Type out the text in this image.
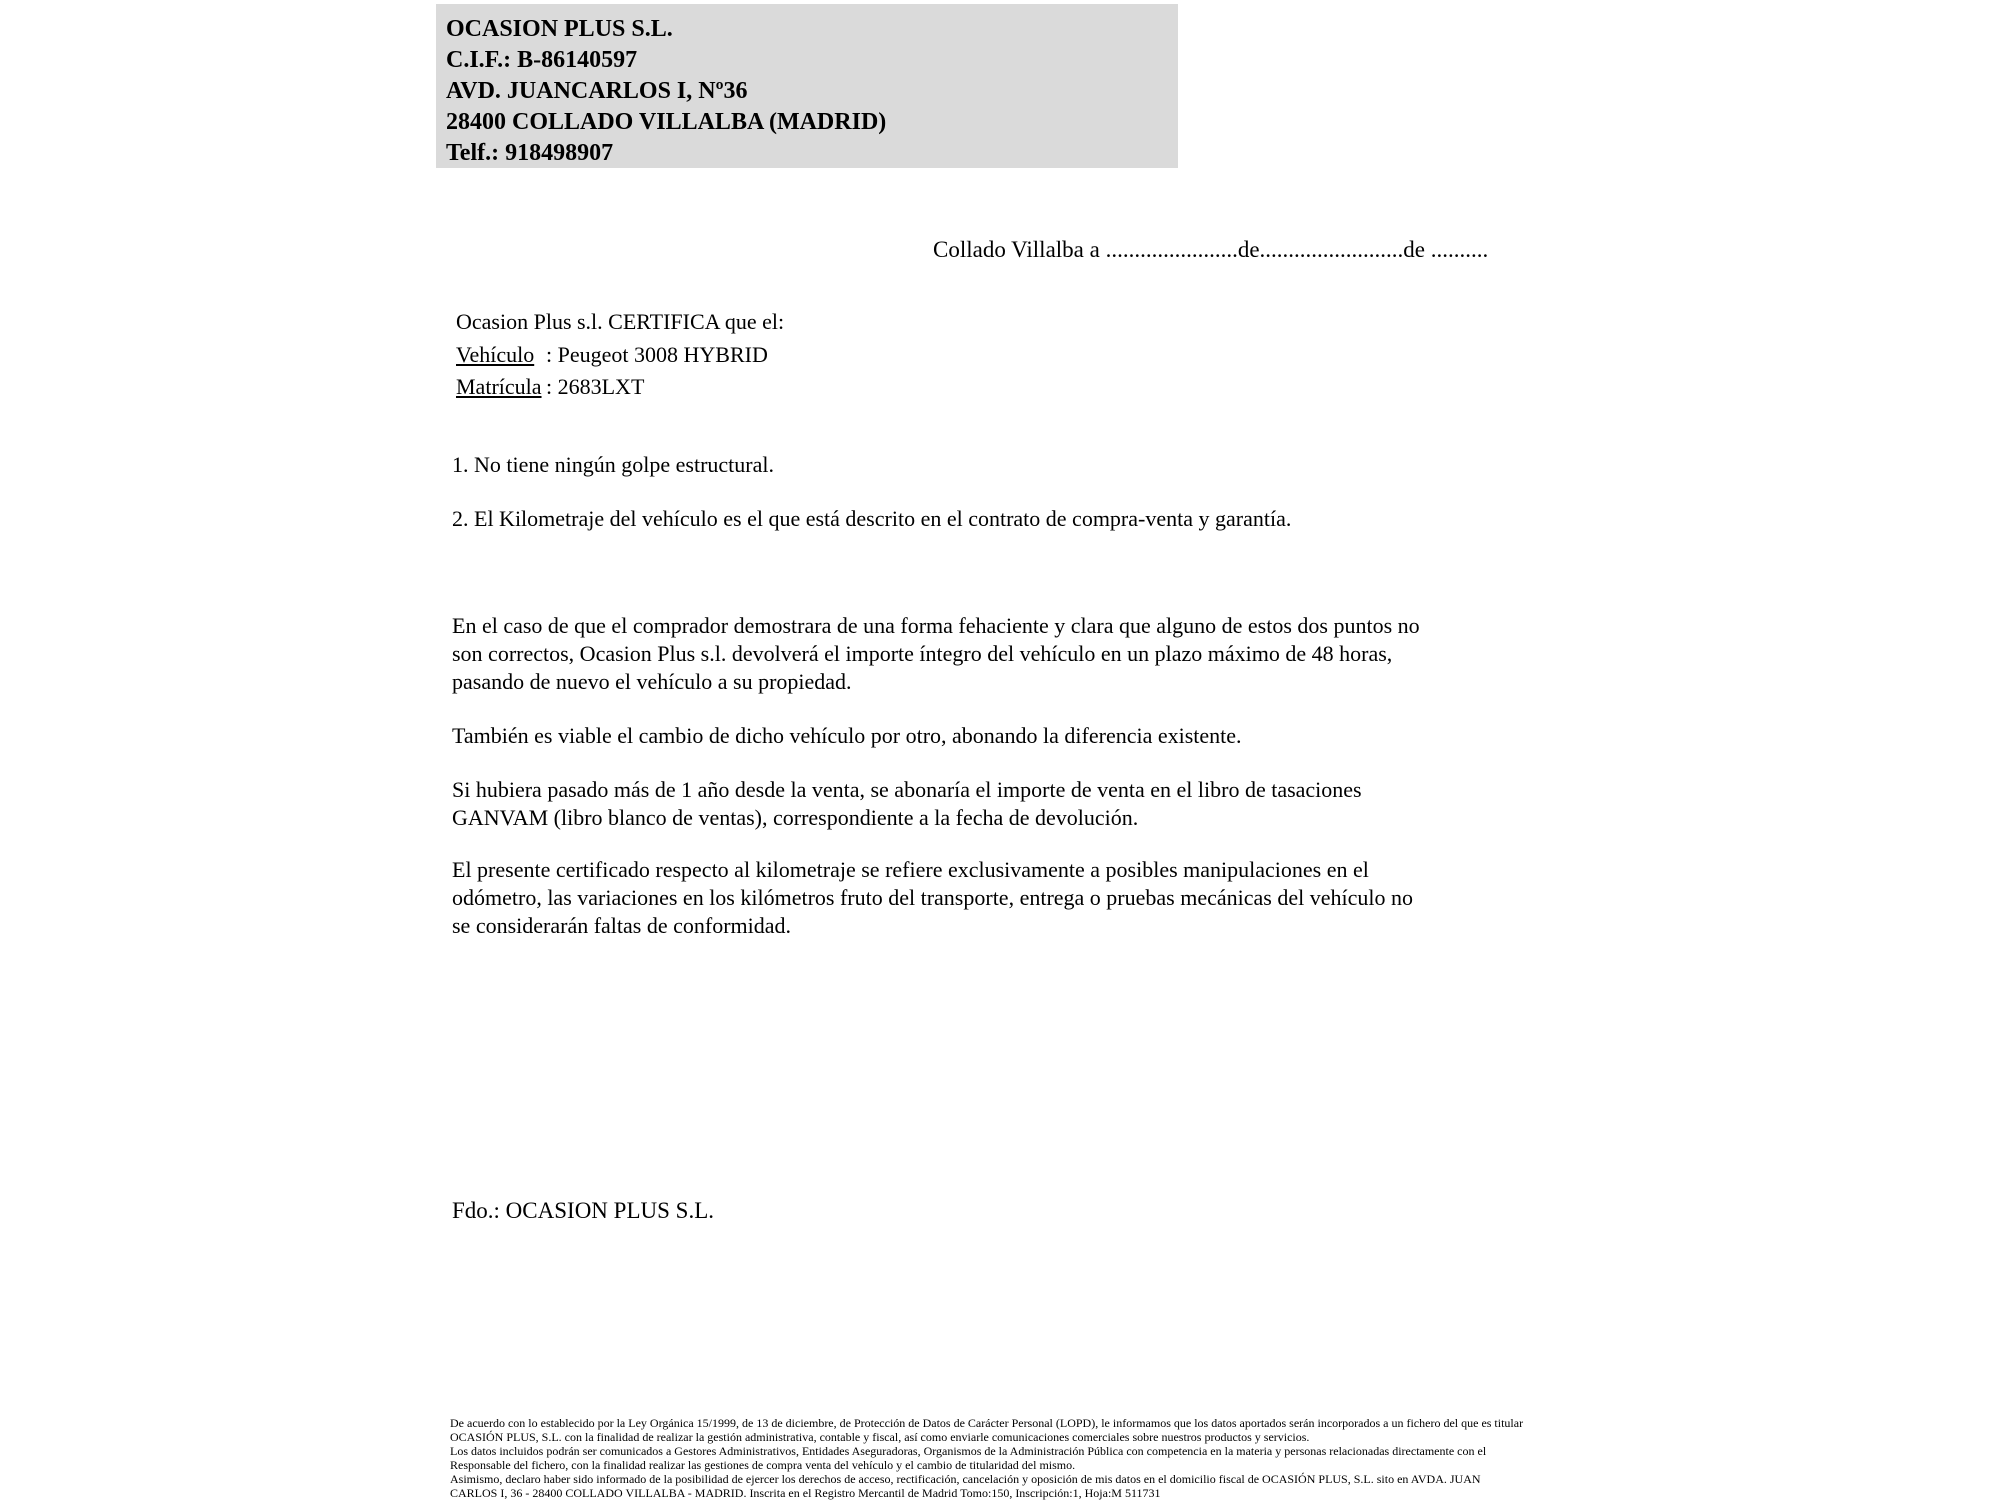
OCASION PLUS S.L.
C.I.F.: B-86140597
AVD. JUANCARLOS I, Nº36
28400 COLLADO VILLALBA (MADRID)
Telf.: 918498907
Collado Villalba a .......................de.........................de ..........
Ocasion Plus s.l. CERTIFICA que el:
Vehículo : Peugeot 3008 HYBRID
Matrícula : 2683LXT
1. No tiene ningún golpe estructural.
2. El Kilometraje del vehículo es el que está descrito en el contrato de compra-venta y garantía.
En el caso de que el comprador demostrara de una forma fehaciente y clara que alguno de estos dos puntos no
son correctos, Ocasion Plus s.l. devolverá el importe íntegro del vehículo en un plazo máximo de 48 horas,
pasando de nuevo el vehículo a su propiedad.
También es viable el cambio de dicho vehículo por otro, abonando la diferencia existente.
Si hubiera pasado más de 1 año desde la venta, se abonaría el importe de venta en el libro de tasaciones
GANVAM (libro blanco de ventas), correspondiente a la fecha de devolución.
El presente certificado respecto al kilometraje se refiere exclusivamente a posibles manipulaciones en el
odómetro, las variaciones en los kilómetros fruto del transporte, entrega o pruebas mecánicas del vehículo no
se considerarán faltas de conformidad.
Fdo.: OCASION PLUS S.L.
De acuerdo con lo establecido por la Ley Orgánica 15/1999, de 13 de diciembre, de Protección de Datos de Carácter Personal (LOPD), le informamos que los datos aportados serán incorporados a un fichero del que es titular
OCASIÓN PLUS, S.L. con la finalidad de realizar la gestión administrativa, contable y fiscal, así como enviarle comunicaciones comerciales sobre nuestros productos y servicios.
Los datos incluidos podrán ser comunicados a Gestores Administrativos, Entidades Aseguradoras, Organismos de la Administración Pública con competencia en la materia y personas relacionadas directamente con el
Responsable del fichero, con la finalidad realizar las gestiones de compra venta del vehículo y el cambio de titularidad del mismo.
Asimismo, declaro haber sido informado de la posibilidad de ejercer los derechos de acceso, rectificación, cancelación y oposición de mis datos en el domicilio fiscal de OCASIÓN PLUS, S.L. sito en AVDA. JUAN
CARLOS I, 36 - 28400 COLLADO VILLALBA - MADRID. Inscrita en el Registro Mercantil de Madrid Tomo:150, Inscripción:1, Hoja:M 511731
